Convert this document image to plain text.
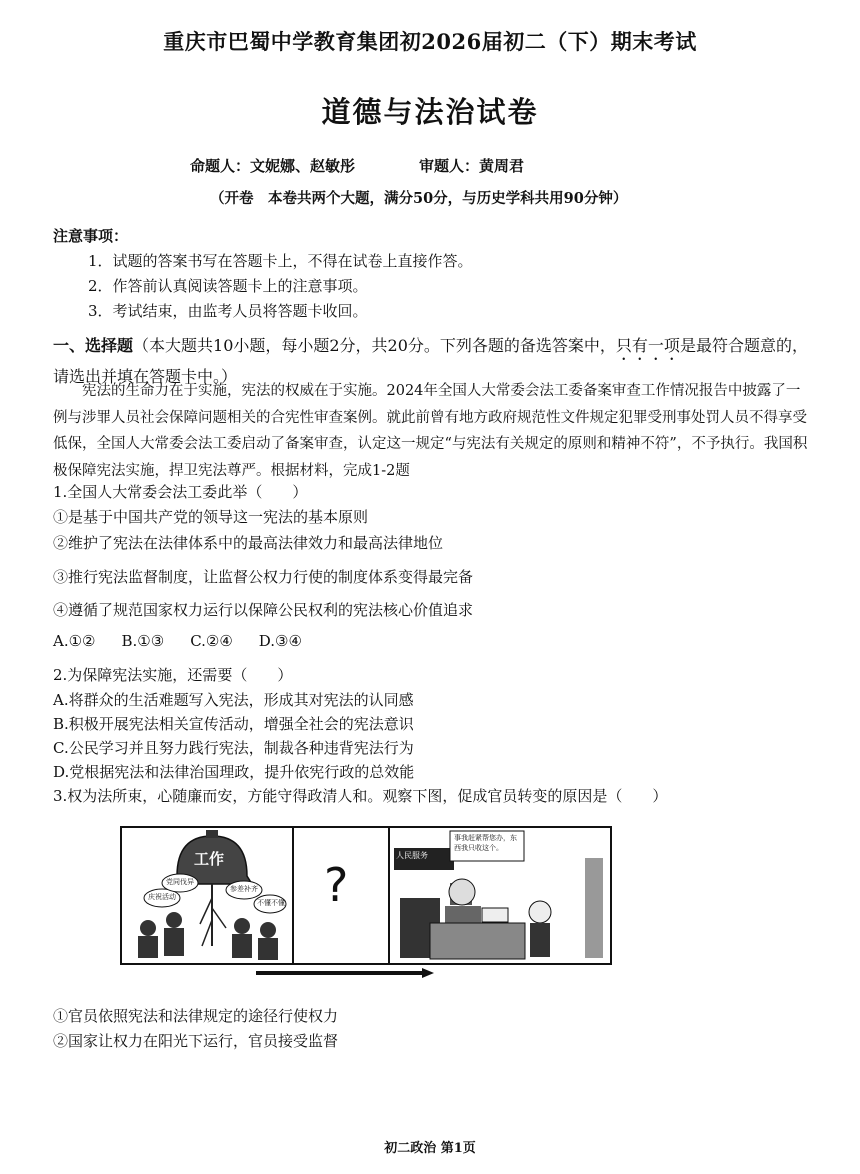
重庆市巴蜀中学教育集团初2026届初二（下）期末考试
道德与法治试卷
命题人：文妮娜、赵敏彤	审题人：黄周君
（开卷　本卷共两个大题，满分50分，与历史学科共用90分钟）
注意事项：
1．试题的答案书写在答题卡上，不得在试卷上直接作答。
2．作答前认真阅读答题卡上的注意事项。
3．考试结束，由监考人员将答题卡收回。
一、选择题（本大题共10小题，每小题2分，共20分。下列各题的备选答案中，只有一项是最符合题意的，请选出并填在答题卡中。）
宪法的生命力在于实施，宪法的权威在于实施。2024年全国人大常委会法工委备案审查工作情况报告中披露了一例与涉罪人员社会保障问题相关的合宪性审查案例。就此前曾有地方政府规范性文件规定犯罪受刑事处罚人员不得享受低保，全国人大常委会法工委启动了备案审查，认定这一规定“与宪法有关规定的原则和精神不符”，不予执行。我国积极保障宪法实施，捍卫宪法尊严。根据材料，完成1-2题
1.全国人大常委会法工委此举（　　）
①是基于中国共产党的领导这一宪法的基本原则
②维护了宪法在法律体系中的最高法律效力和最高法律地位
③推行宪法监督制度，让监督公权力行使的制度体系变得最完备
④遵循了规范国家权力运行以保障公民权利的宪法核心价值追求
A.①② B.①③ C.②④ D.③④
2.为保障宪法实施，还需要（　　）
A.将群众的生活难题写入宪法，形成其对宪法的认同感
B.积极开展宪法相关宣传活动，增强全社会的宪法意识
C.公民学习并且努力践行宪法，制裁各种违背宪法行为
D.党根据宪法和法律治国理政，提升依宪行政的总效能
3.权为法所束，心随廉而安，方能守得政清人和。观察下图，促成官员转变的原因是（　　）
工作
庆祝活动
党同伐异
参差补齐
不懂不懂 ?
人民服务
事我赶紧帮您办，东西我只收这个。
①官员依照宪法和法律规定的途径行使权力
②国家让权力在阳光下运行，官员接受监督
初二政治 第1页
